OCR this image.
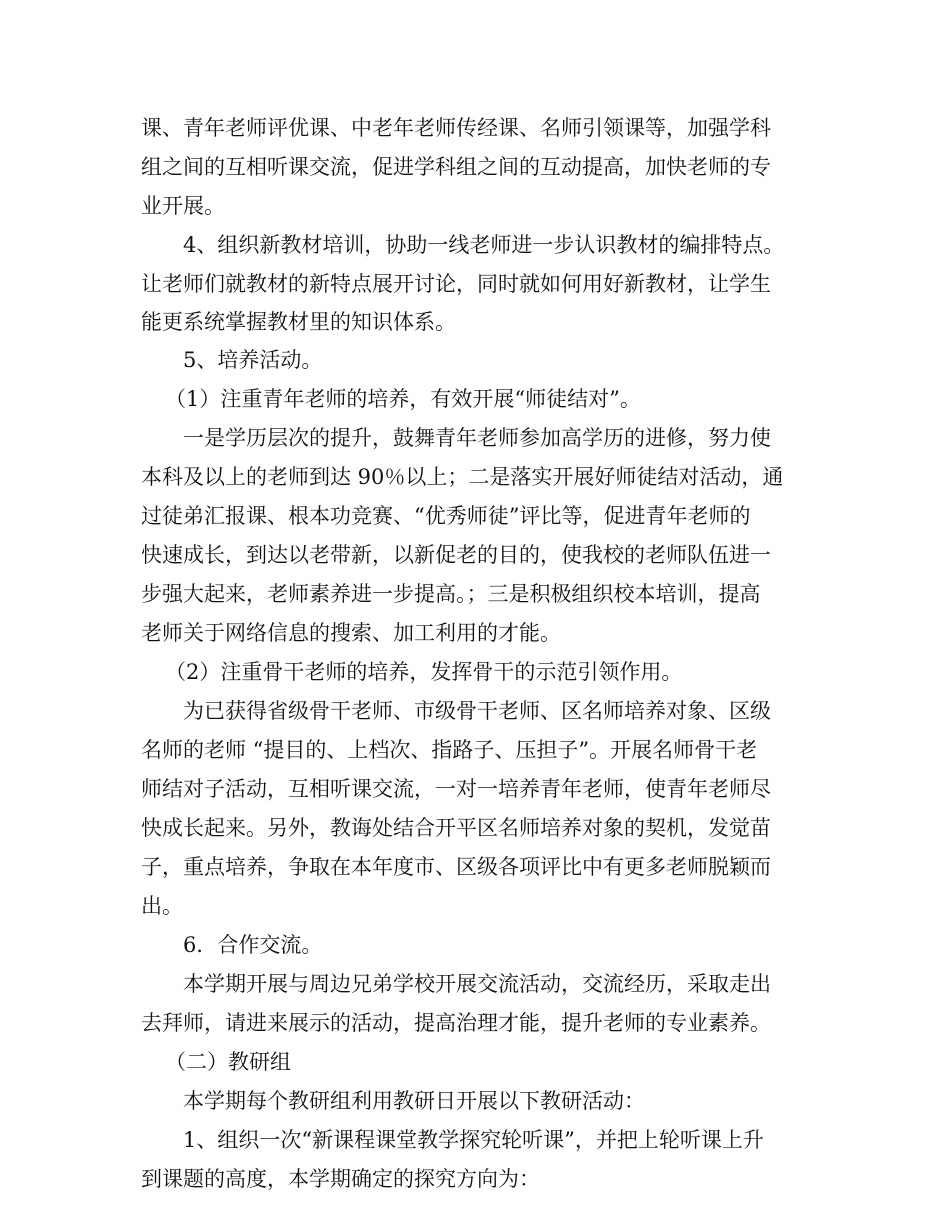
课、青年老师评优课、中老年老师传经课、名师引领课等，加强学科
组之间的互相听课交流，促进学科组之间的互动提高，加快老师的专
业开展。
4、组织新教材培训，协助一线老师进一步认识教材的编排特点。
让老师们就教材的新特点展开讨论，同时就如何用好新教材，让学生
能更系统掌握教材里的知识体系。
5、培养活动。
（1）注重青年老师的培养，有效开展“师徒结对”。
一是学历层次的提升，鼓舞青年老师参加高学历的进修，努力使
本科及以上的老师到达 90％以上；二是落实开展好师徒结对活动，通
过徒弟汇报课、根本功竞赛、“优秀师徒”评比等，促进青年老师的
快速成长，到达以老带新，以新促老的目的，使我校的老师队伍进一
步强大起来，老师素养进一步提高。；三是积极组织校本培训，提高
老师关于网络信息的搜索、加工利用的才能。
（2）注重骨干老师的培养，发挥骨干的示范引领作用。
为已获得省级骨干老师、市级骨干老师、区名师培养对象、区级
名师的老师 “提目的、上档次、指路子、压担子”。开展名师骨干老
师结对子活动，互相听课交流，一对一培养青年老师，使青年老师尽
快成长起来。另外，教诲处结合开平区名师培养对象的契机，发觉苗
子，重点培养，争取在本年度市、区级各项评比中有更多老师脱颖而
出。
6．合作交流。
本学期开展与周边兄弟学校开展交流活动，交流经历，采取走出
去拜师，请进来展示的活动，提高治理才能，提升老师的专业素养。
（二）教研组
本学期每个教研组利用教研日开展以下教研活动：
1、组织一次“新课程课堂教学探究轮听课”，并把上轮听课上升
到课题的高度，本学期确定的探究方向为：
